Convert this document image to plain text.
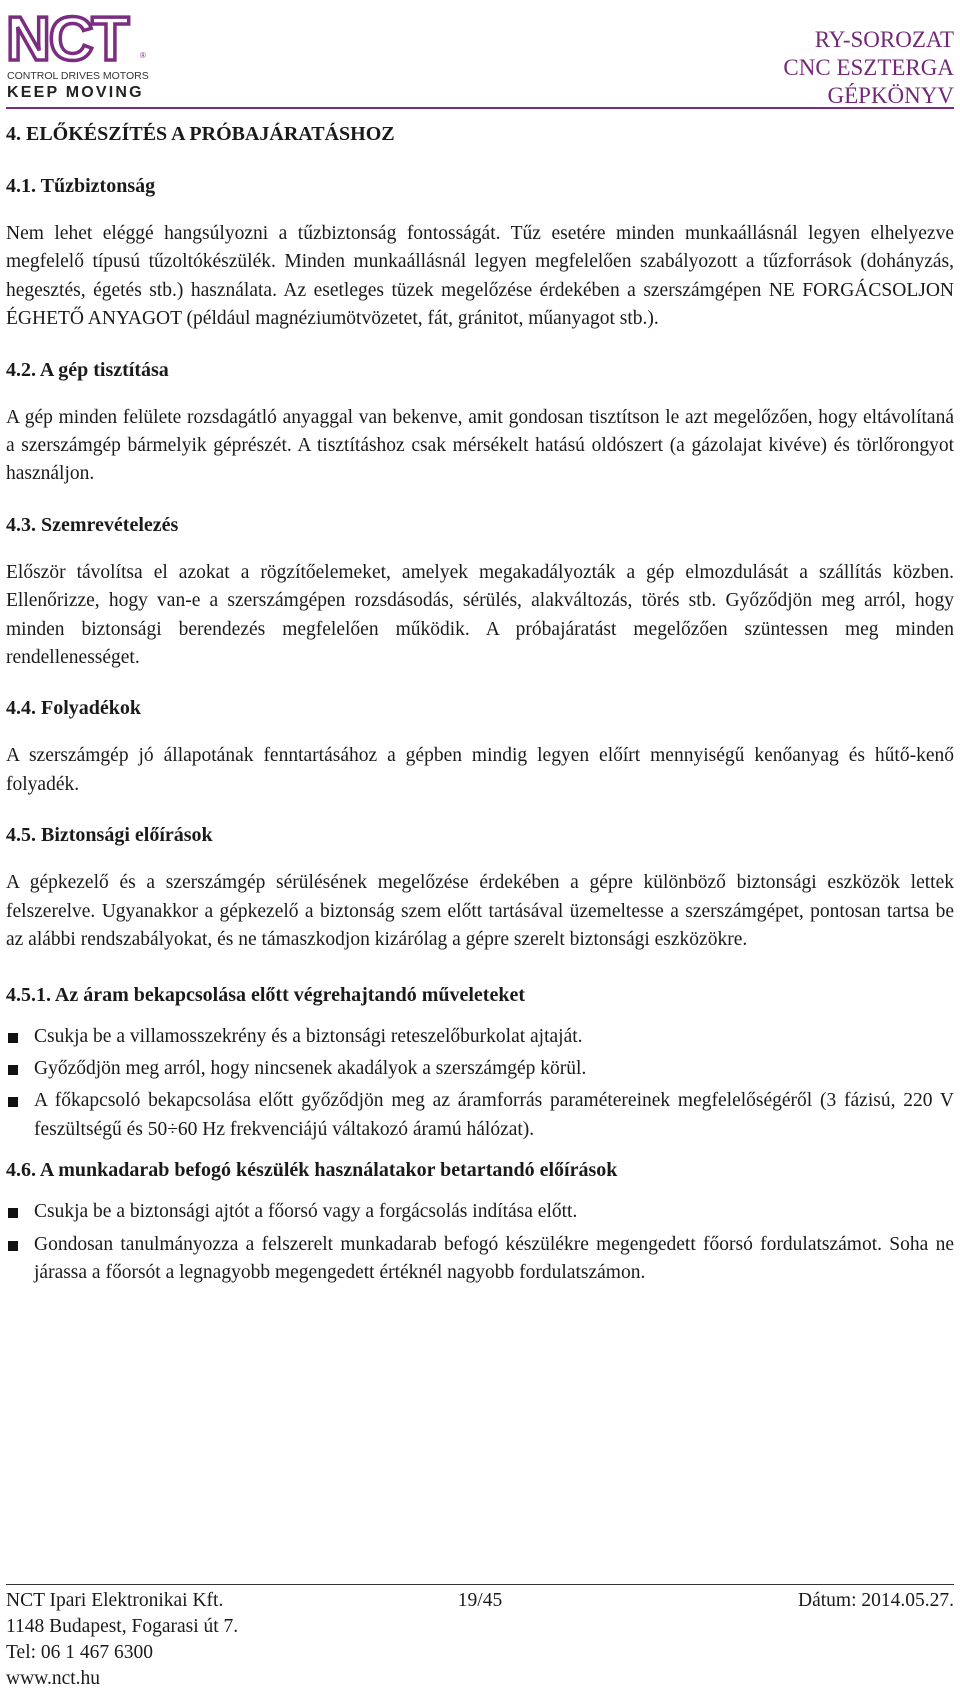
NCT ®
CONTROL DRIVES MOTORS
KEEP MOVING
RY-SOROZAT
CNC ESZTERGA
GÉPKÖNYV
4. ELŐKÉSZÍTÉS A PRÓBAJÁRATÁSHOZ
4.1. Tűzbiztonság

Nem lehet eléggé hangsúlyozni a tűzbiztonság fontosságát. Tűz esetére minden munkaállásnál legyen elhelyezve megfelelő típusú tűzoltókészülék. Minden munkaállásnál legyen megfelelően szabályozott a tűzforrások (dohányzás, hegesztés, égetés stb.) használata. Az esetleges tüzek megelőzése érdekében a szerszámgépen NE FORGÁCSOLJON ÉGHETŐ ANYAGOT (például magnéziumötvözetet, fát, gránitot, műanyagot stb.).

4.2. A gép tisztítása

A gép minden felülete rozsdagátló anyaggal van bekenve, amit gondosan tisztítson le azt megelőzően, hogy eltávolítaná a szerszámgép bármelyik géprészét. A tisztításhoz csak mérsékelt hatású oldószert (a gázolajat kivéve) és törlőrongyot használjon.

4.3. Szemrevételezés

Először távolítsa el azokat a rögzítőelemeket, amelyek megakadályozták a gép elmozdulását a szállítás közben. Ellenőrizze, hogy van-e a szerszámgépen rozsdásodás, sérülés, alakváltozás, törés stb. Győződjön meg arról, hogy minden biztonsági berendezés megfelelően működik. A próbajáratást megelőzően szüntessen meg minden rendellenességet.

4.4. Folyadékok

A szerszámgép jó állapotának fenntartásához a gépben mindig legyen előírt mennyiségű kenőanyag és hűtő-kenő folyadék.

4.5. Biztonsági előírások

A gépkezelő és a szerszámgép sérülésének megelőzése érdekében a gépre különböző biztonsági eszközök lettek felszerelve. Ugyanakkor a gépkezelő a biztonság szem előtt tartásával üzemeltesse a szerszámgépet, pontosan tartsa be az alábbi rendszabályokat, és ne támaszkodjon kizárólag a gépre szerelt biztonsági eszközökre.

4.5.1. Az áram bekapcsolása előtt végrehajtandó műveleteket
Csukja be a villamosszekrény és a biztonsági reteszelőburkolat ajtaját.
Győződjön meg arról, hogy nincsenek akadályok a szerszámgép körül.
A főkapcsoló bekapcsolása előtt győződjön meg az áramforrás paramétereinek megfelelőségéről (3 fázisú, 220 V feszültségű és 50÷60 Hz frekvenciájú váltakozó áramú hálózat).
4.6. A munkadarab befogó készülék használatakor betartandó előírások
Csukja be a biztonsági ajtót a főorsó vagy a forgácsolás indítása előtt.
Gondosan tanulmányozza a felszerelt munkadarab befogó készülékre megengedett főorsó fordulatszámot. Soha ne járassa a főorsót a legnagyobb megengedett értéknél nagyobb fordulatszámon.
NCT Ipari Elektronikai Kft.	19/45	Dátum: 2014.05.27.
1148 Budapest, Fogarasi út 7.
Tel: 06 1 467 6300
www.nct.hu
